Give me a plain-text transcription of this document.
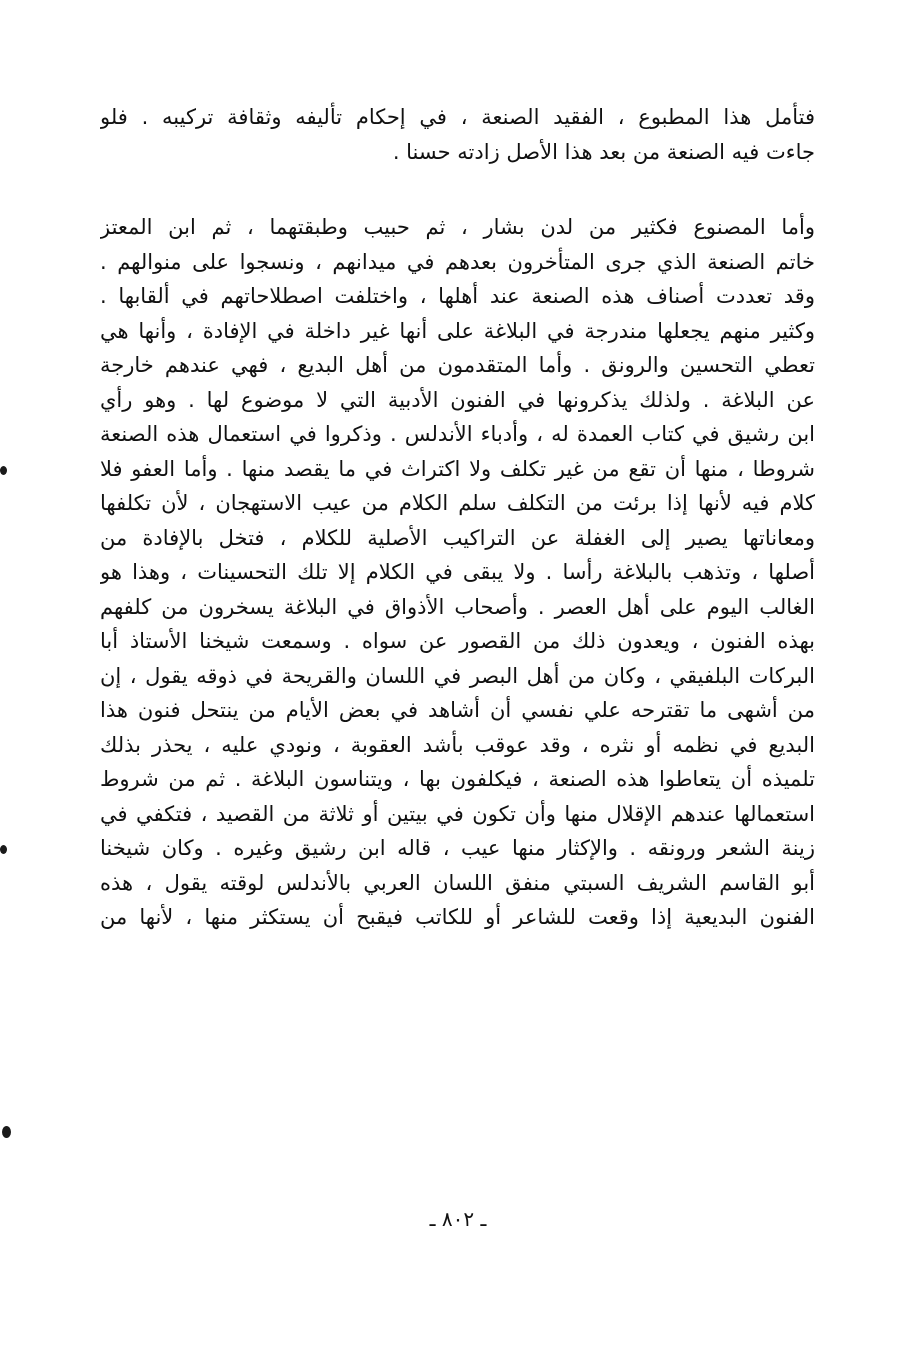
فتأمل هذا المطبوع ، الفقيد الصنعة ، في إحكام تأليفه وثقافة تركيبه . فلو
جاءت فيه الصنعة من بعد هذا الأصل زادته حسنا .
وأما المصنوع فكثير من لدن بشار ، ثم حبيب وطبقتهما ، ثم ابن المعتز
خاتم الصنعة الذي جرى المتأخرون بعدهم في ميدانهم ، ونسجوا على منوالهم .
وقد تعددت أصناف هذه الصنعة عند أهلها ، واختلفت اصطلاحاتهم في ألقابها .
وكثير منهم يجعلها مندرجة في البلاغة على أنها غير داخلة في الإفادة ، وأنها هي
تعطي التحسين والرونق . وأما المتقدمون من أهل البديع ، فهي عندهم خارجة
عن البلاغة . ولذلك يذكرونها في الفنون الأدبية التي لا موضوع لها . وهو رأي
ابن رشيق في كتاب العمدة له ، وأدباء الأندلس . وذكروا في استعمال هذه الصنعة
شروطا ، منها أن تقع من غير تكلف ولا اكتراث في ما يقصد منها . وأما العفو فلا
كلام فيه لأنها إذا برئت من التكلف سلم الكلام من عيب الاستهجان ، لأن تكلفها
ومعاناتها يصير إلى الغفلة عن التراكيب الأصلية للكلام ، فتخل بالإفادة من
أصلها ، وتذهب بالبلاغة رأسا . ولا يبقى في الكلام إلا تلك التحسينات ، وهذا هو
الغالب اليوم على أهل العصر . وأصحاب الأذواق في البلاغة يسخرون من كلفهم
بهذه الفنون ، ويعدون ذلك من القصور عن سواه . وسمعت شيخنا الأستاذ أبا
البركات البلفيقي ، وكان من أهل البصر في اللسان والقريحة في ذوقه يقول ، إن
من أشهى ما تقترحه علي نفسي أن أشاهد في بعض الأيام من ينتحل فنون هذا
البديع في نظمه أو نثره ، وقد عوقب بأشد العقوبة ، ونودي عليه ، يحذر بذلك
تلميذه أن يتعاطوا هذه الصنعة ، فيكلفون بها ، ويتناسون البلاغة . ثم من شروط
استعمالها عندهم الإقلال منها وأن تكون في بيتين أو ثلاثة من القصيد ، فتكفي في
زينة الشعر ورونقه . والإكثار منها عيب ، قاله ابن رشيق وغيره . وكان شيخنا
أبو القاسم الشريف السبتي منفق اللسان العربي بالأندلس لوقته يقول ، هذه
الفنون البديعية إذا وقعت للشاعر أو للكاتب فيقبح أن يستكثر منها ، لأنها من
ـ ٨٠٢ ـ
